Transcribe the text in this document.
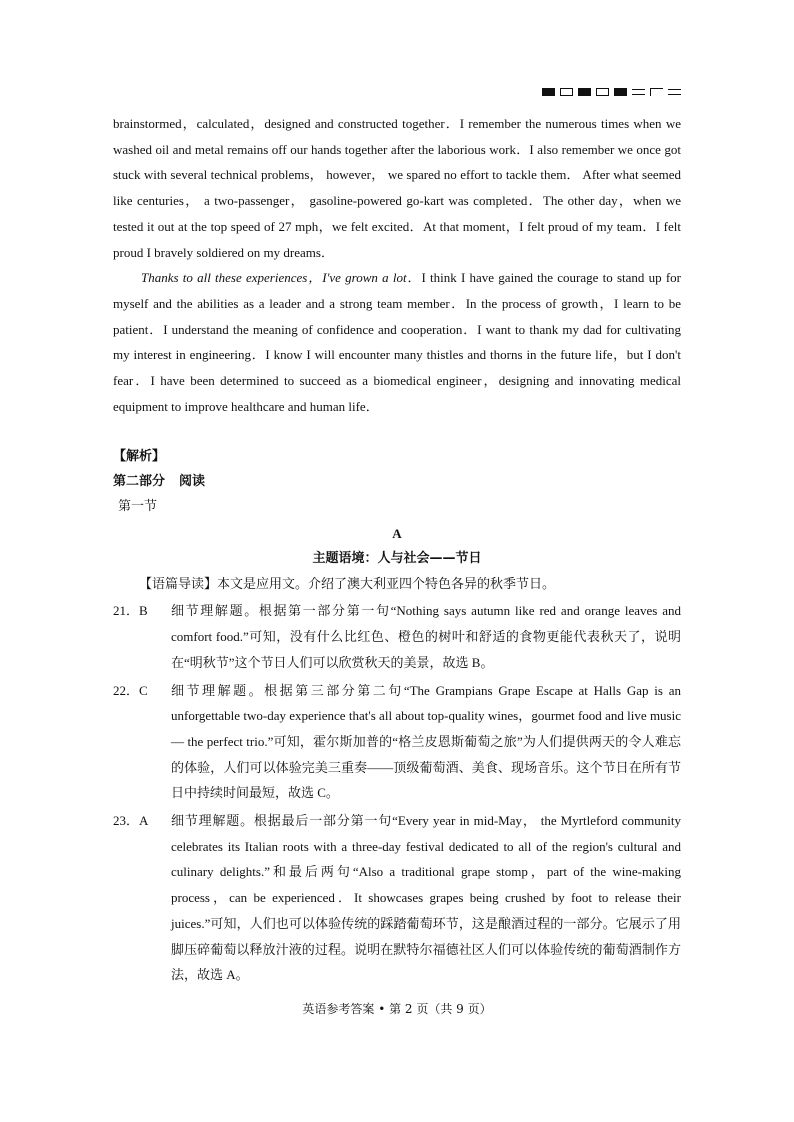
brainstormed，calculated，designed and constructed together．I remember the numerous times when we washed oil and metal remains off our hands together after the laborious work．I also remember we once got stuck with several technical problems， however， we spared no effort to tackle them． After what seemed like centuries， a two-passenger， gasoline-powered go-kart was completed．The other day，when we tested it out at the top speed of 27 mph，we felt excited．At that moment，I felt proud of my team．I felt proud I bravely soldiered on my dreams．

Thanks to all these experiences，I've grown a lot．I think I have gained the courage to stand up for myself and the abilities as a leader and a strong team member．In the process of growth，I learn to be patient．I understand the meaning of confidence and cooperation．I want to thank my dad for cultivating my interest in engineering．I know I will encounter many thistles and thorns in the future life，but I don't fear．I have been determined to succeed as a biomedical engineer，designing and innovating medical equipment to improve healthcare and human life．

【解析】
第二部分 阅读
第一节
A
主题语境：人与社会——节日
【语篇导读】本文是应用文。介绍了澳大利亚四个特色各异的秋季节日。
21．B	细节理解题。根据第一部分第一句“Nothing says autumn like red and orange leaves and comfort food.”可知，没有什么比红色、橙色的树叶和舒适的食物更能代表秋天了，说明在“明秋节”这个节日人们可以欣赏秋天的美景，故选 B。
22．C	细节理解题。根据第三部分第二句“The Grampians Grape Escape at Halls Gap is an unforgettable two-day experience that's all about top-quality wines，gourmet food and live music — the perfect trio.”可知，霍尔斯加普的“格兰皮恩斯葡萄之旅”为人们提供两天的令人难忘的体验，人们可以体验完美三重奏——顶级葡萄酒、美食、现场音乐。这个节日在所有节日中持续时间最短，故选 C。
23．A	细节理解题。根据最后一部分第一句“Every year in mid-May， the Myrtleford community celebrates its Italian roots with a three-day festival dedicated to all of the region's cultural and culinary delights.”和最后两句“Also a traditional grape stomp，part of the wine-making process，can be experienced．It showcases grapes being crushed by foot to release their juices.”可知，人们也可以体验传统的踩踏葡萄环节，这是酿酒过程的一部分。它展示了用脚压碎葡萄以释放汁液的过程。说明在默特尔福德社区人们可以体验传统的葡萄酒制作方法，故选 A。
英语参考答案 • 第 2 页（共 9 页）
